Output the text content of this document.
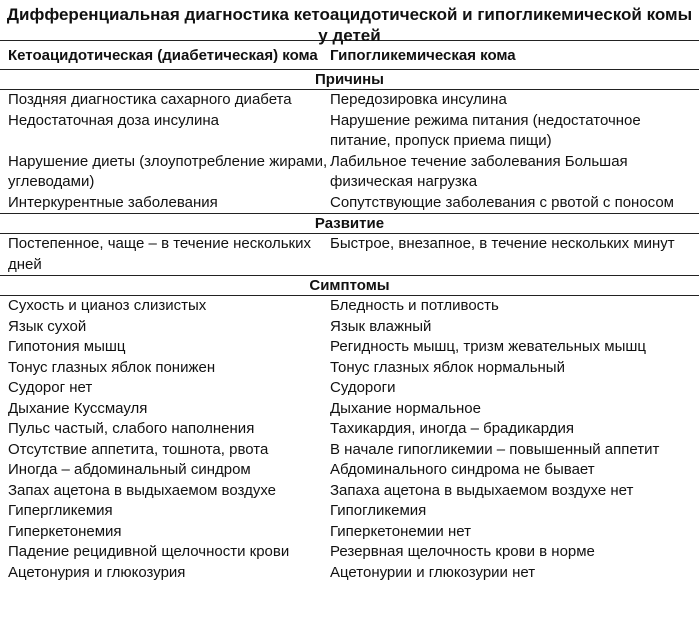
Дифференциальная диагностика кетоацидотической и гипогликемической комы у детей
Кетоацидотическая (диабетическая) кома	Гипогликемическая кома
Причины	
Поздняя диагностика сахарного диабета	Передозировка инсулина
Недостаточная доза инсулина	Нарушение режима питания (недостаточное питание, пропуск приема пищи)
Нарушение диеты (злоупотребление жирами, углеводами)	Лабильное течение заболевания Большая физическая нагрузка
Интеркурентные заболевания	Сопутствующие заболевания с рвотой с поносом
Развитие	
Постепенное, чаще – в течение нескольких дней	Быстрое, внезапное, в течение нескольких минут
Симптомы	
Сухость и цианоз слизистых	Бледность и потливость
Язык сухой	Язык влажный
Гипотония мышц	Регидность мышц, тризм жевательных мышц
Тонус глазных яблок понижен	Тонус глазных яблок нормальный
Судорог нет	Судороги
Дыхание Куссмауля	Дыхание нормальное
Пульс частый, слабого наполнения	Тахикардия, иногда – брадикардия
Отсутствие аппетита, тошнота, рвота	В начале гипогликемии – повышенный аппетит
Иногда – абдоминальный синдром	Абдоминального синдрома не бывает
Запах ацетона в выдыхаемом воздухе	Запаха ацетона в выдыхаемом воздухе нет
Гипергликемия	Гипогликемия
Гиперкетонемия	Гиперкетонемии нет
Падение рецидивной щелочности крови	Резервная щелочность крови в норме
Ацетонурия и глюкозурия	Ацетонурии и глюкозурии нет
